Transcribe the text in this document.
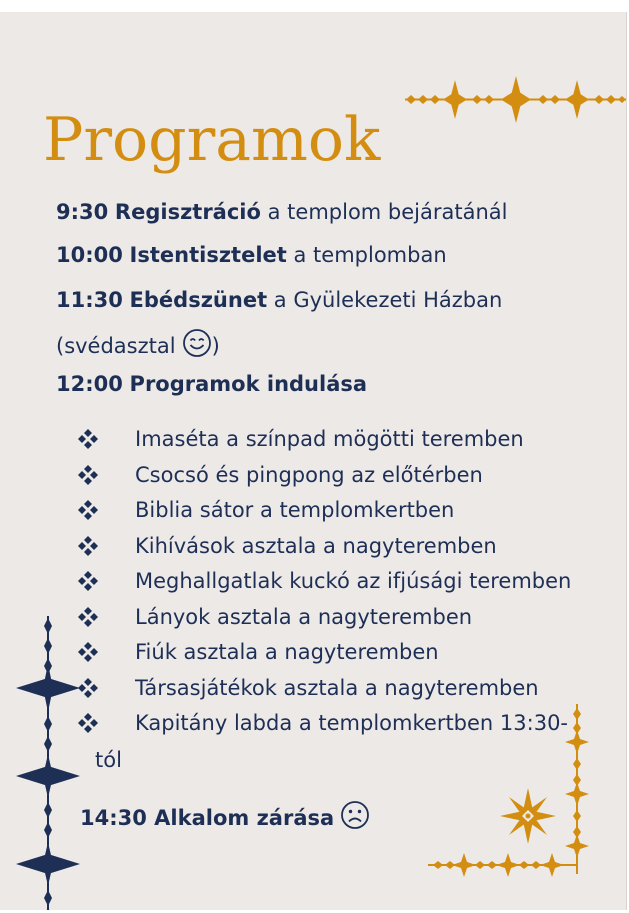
Programok
9:30 Regisztráció a templom bejáratánál
10:00 Istentisztelet a templomban
11:30 Ebédszünet a Gyülekezeti Házban
(svédasztal )
12:00 Programok indulása
Imaséta a színpad mögötti teremben
Csocsó és pingpong az előtérben
Biblia sátor a templomkertben
Kihívások asztala a nagyteremben
Meghallgatlak kuckó az ifjúsági teremben
Lányok asztala a nagyteremben
Fiúk asztala a nagyteremben
Társasjátékok asztala a nagyteremben
Kapitány labda a templomkertben 13:30-
tól
14:30 Alkalom zárása
